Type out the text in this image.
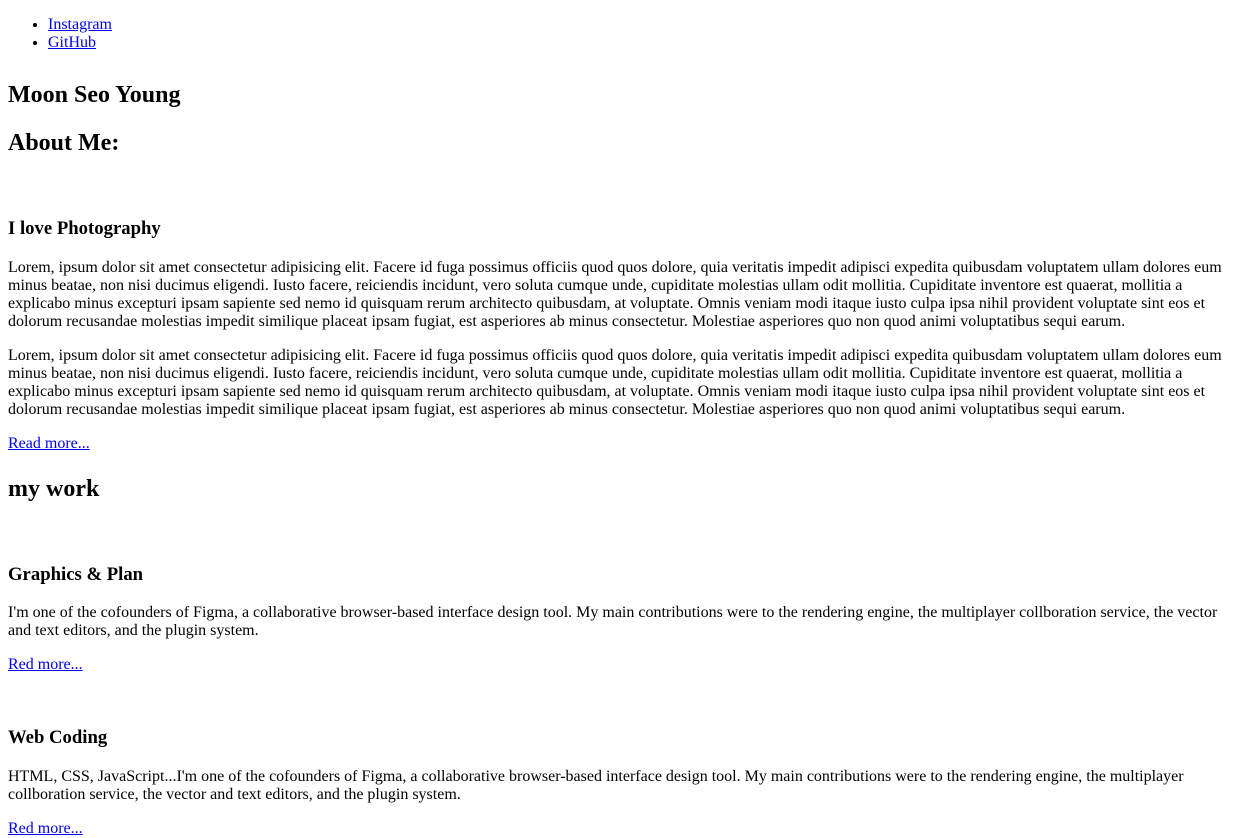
• Instagram
• GitHub
Moon Seo Young
About Me:
I love Photography

Lorem, ipsum dolor sit amet consectetur adipisicing elit. Facere id fuga possimus officiis quod quos dolore, quia veritatis impedit adipisci expedita quibusdam voluptatem ullam dolores eum minus beatae, non nisi ducimus eligendi. Iusto facere, reiciendis incidunt, vero soluta cumque unde, cupiditate molestias ullam odit mollitia. Cupiditate inventore est quaerat, mollitia a explicabo minus excepturi ipsam sapiente sed nemo id quisquam rerum architecto quibusdam, at voluptate. Omnis veniam modi itaque iusto culpa ipsa nihil provident voluptate sint eos et dolorum recusandae molestias impedit similique placeat ipsam fugiat, est asperiores ab minus consectetur. Molestiae asperiores quo non quod animi voluptatibus sequi earum.

Lorem, ipsum dolor sit amet consectetur adipisicing elit. Facere id fuga possimus officiis quod quos dolore, quia veritatis impedit adipisci expedita quibusdam voluptatem ullam dolores eum minus beatae, non nisi ducimus eligendi. Iusto facere, reiciendis incidunt, vero soluta cumque unde, cupiditate molestias ullam odit mollitia. Cupiditate inventore est quaerat, mollitia a explicabo minus excepturi ipsam sapiente sed nemo id quisquam rerum architecto quibusdam, at voluptate. Omnis veniam modi itaque iusto culpa ipsa nihil provident voluptate sint eos et dolorum recusandae molestias impedit similique placeat ipsam fugiat, est asperiores ab minus consectetur. Molestiae asperiores quo non quod animi voluptatibus sequi earum.

Read more...

my work
Graphics & Plan

I'm one of the cofounders of Figma, a collaborative browser-based interface design tool. My main contributions were to the rendering engine, the multiplayer collboration service, the vector and text editors, and the plugin system.

Red more...

Web Coding

HTML, CSS, JavaScript...I'm one of the cofounders of Figma, a collaborative browser-based interface design tool. My main contributions were to the rendering engine, the multiplayer collboration service, the vector and text editors, and the plugin system.

Red more...
